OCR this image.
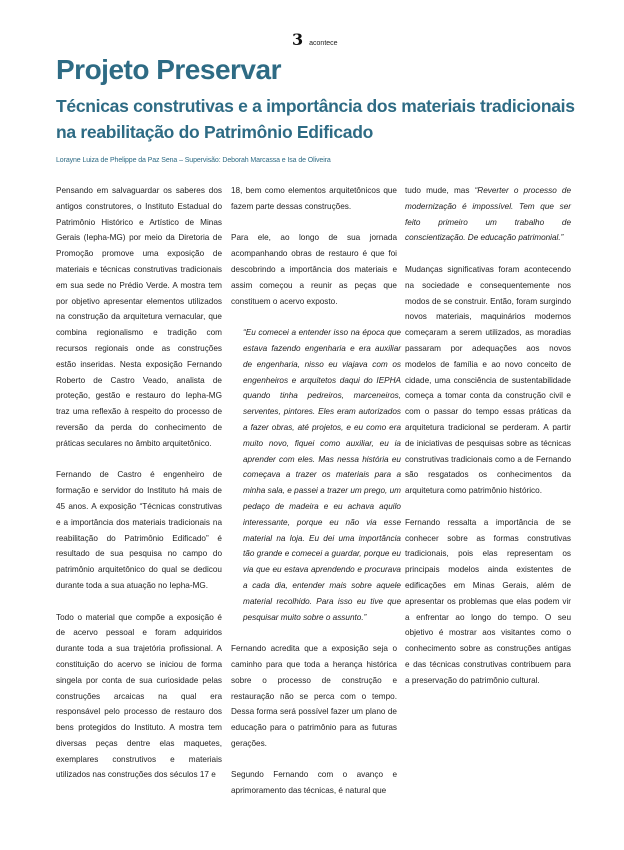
3 acontece
Projeto Preservar
Técnicas construtivas e a importância dos materiais tradicionais na reabilitação do Patrimônio Edificado
Lorayne Luiza de Phelippe da Paz Sena – Supervisão: Deborah Marcassa e Isa de Oliveira

Pensando em salvaguardar os saberes dos antigos construtores, o Instituto Estadual do Patrimônio Histórico e Artístico de Minas Gerais (Iepha-MG) por meio da Diretoria de Promoção promove uma exposição de materiais e técnicas construtivas tradicionais em sua sede no Prédio Verde. A mostra tem por objetivo apresentar elementos utilizados na construção da arquitetura vernacular, que combina regionalismo e tradição com recursos regionais onde as construções estão inseridas. Nesta exposição Fernando Roberto de Castro Veado, analista de proteção, gestão e restauro do Iepha-MG traz uma reflexão à respeito do processo de reversão da perda do conhecimento de práticas seculares no âmbito arquitetônico.

Fernando de Castro é engenheiro de formação e servidor do Instituto há mais de 45 anos. A exposição “Técnicas construtivas e a importância dos materiais tradicionais na reabilitação do Patrimônio Edificado” é resultado de sua pesquisa no campo do patrimônio arquitetônico do qual se dedicou durante toda a sua atuação no Iepha-MG.

Todo o material que compõe a exposição é de acervo pessoal e foram adquiridos durante toda a sua trajetória profissional. A constituição do acervo se iniciou de forma singela por conta de sua curiosidade pelas construções arcaicas na qual era responsável pelo processo de restauro dos bens protegidos do Instituto. A mostra tem diversas peças dentre elas maquetes, exemplares construtivos e materiais utilizados nas construções dos séculos 17 e

18, bem como elementos arquitetônicos que fazem parte dessas construções.

Para ele, ao longo de sua jornada acompanhando obras de restauro é que foi descobrindo a importância dos materiais e assim começou a reunir as peças que constituem o acervo exposto.

“Eu comecei a entender isso na época que estava fazendo engenharia e era auxiliar de engenharia, nisso eu viajava com os engenheiros e arquitetos daqui do IEPHA quando tinha pedreiros, marceneiros, serventes, pintores. Eles eram autorizados a fazer obras, até projetos, e eu como era muito novo, fiquei como auxiliar, eu ia aprender com eles. Mas nessa história eu começava a trazer os materiais para a minha sala, e passei a trazer um prego, um pedaço de madeira e eu achava aquilo interessante, porque eu não via esse material na loja. Eu dei uma importância tão grande e comecei a guardar, porque eu via que eu estava aprendendo e procurava a cada dia, entender mais sobre aquele material recolhido. Para isso eu tive que pesquisar muito sobre o assunto.”

Fernando acredita que a exposição seja o caminho para que toda a herança histórica sobre o processo de construção e restauração não se perca com o tempo. Dessa forma será possível fazer um plano de educação para o patrimônio para as futuras gerações.

Segundo Fernando com o avanço e aprimoramento das técnicas, é natural que

tudo mude, mas “Reverter o processo de modernização é impossível. Tem que ser feito primeiro um trabalho de conscientização. De educação patrimonial.”

Mudanças significativas foram acontecendo na sociedade e consequentemente nos modos de se construir. Então, foram surgindo novos materiais, maquinários modernos começaram a serem utilizados, as moradias passaram por adequações aos novos modelos de família e ao novo conceito de cidade, uma consciência de sustentabilidade começa a tomar conta da construção civil e com o passar do tempo essas práticas da arquitetura tradicional se perderam. A partir de iniciativas de pesquisas sobre as técnicas construtivas tradicionais como a de Fernando são resgatados os conhecimentos da arquitetura como patrimônio histórico.

Fernando ressalta a importância de se conhecer sobre as formas construtivas tradicionais, pois elas representam os principais modelos ainda existentes de edificações em Minas Gerais, além de apresentar os problemas que elas podem vir a enfrentar ao longo do tempo. O seu objetivo é mostrar aos visitantes como o conhecimento sobre as construções antigas e das técnicas construtivas contribuem para a preservação do patrimônio cultural.
